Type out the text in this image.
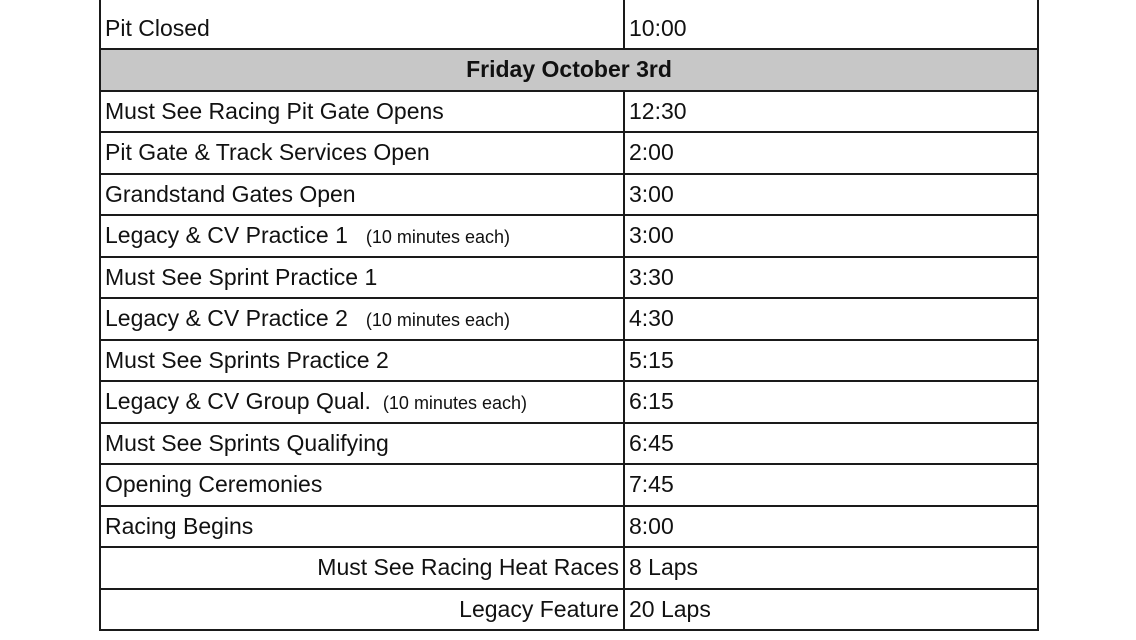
Pit Closed	10:00
Friday October 3rd	
Must See Racing Pit Gate Opens	12:30
Pit Gate & Track Services Open	2:00
Grandstand Gates Open	3:00
Legacy & CV Practice 1 (10 minutes each)	3:00
Must See Sprint Practice 1	3:30
Legacy & CV Practice 2 (10 minutes each)	4:30
Must See Sprints Practice 2	5:15
Legacy & CV Group Qual. (10 minutes each)	6:15
Must See Sprints Qualifying	6:45
Opening Ceremonies	7:45
Racing Begins	8:00
Must See Racing Heat Races	8 Laps
Legacy Feature	20 Laps
